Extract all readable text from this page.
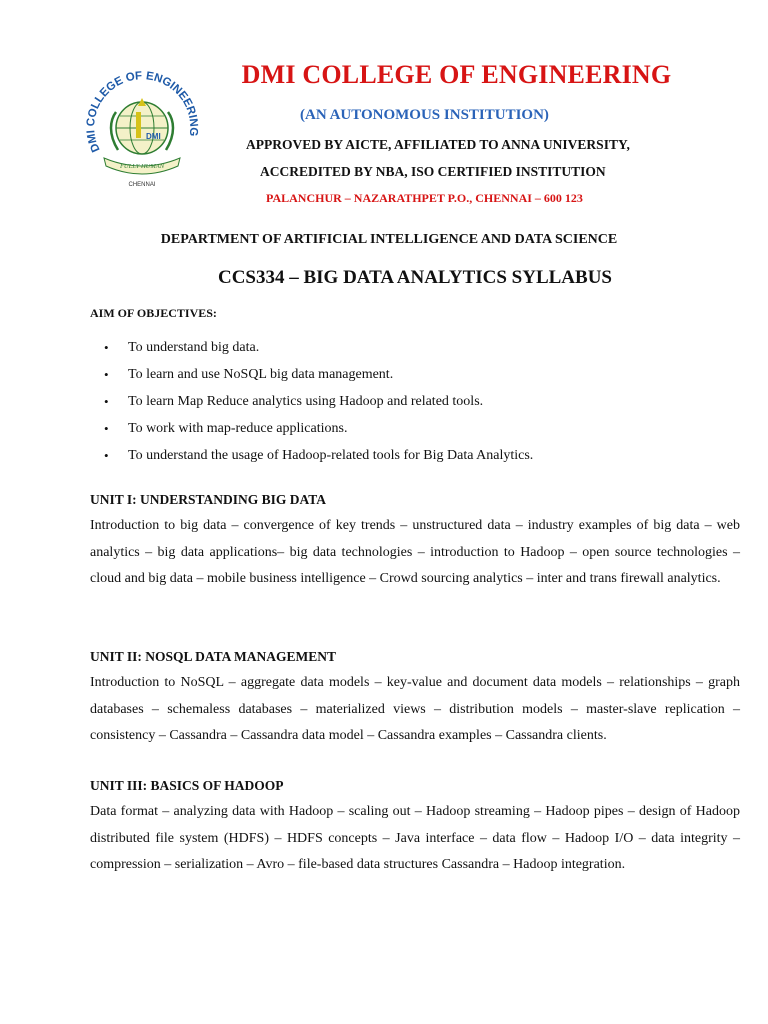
DMI COLLEGE OF ENGINEERING
DMI
FULLY HUMAN
CHENNAI
DMI COLLEGE OF ENGINEERING
(AN AUTONOMOUS INSTITUTION)
APPROVED BY AICTE, AFFILIATED TO ANNA UNIVERSITY,
ACCREDITED BY NBA, ISO CERTIFIED INSTITUTION
PALANCHUR – NAZARATHPET P.O., CHENNAI – 600 123
DEPARTMENT OF ARTIFICIAL INTELLIGENCE AND DATA SCIENCE
CCS334 – BIG DATA ANALYTICS SYLLABUS
AIM OF OBJECTIVES:
• To understand big data.
• To learn and use NoSQL big data management.
• To learn Map Reduce analytics using Hadoop and related tools.
• To work with map-reduce applications.
• To understand the usage of Hadoop-related tools for Big Data Analytics.
UNIT I: UNDERSTANDING BIG DATA

Introduction to big data – convergence of key trends – unstructured data – industry examples of big data – web analytics – big data applications– big data technologies – introduction to Hadoop – open source technologies – cloud and big data – mobile business intelligence – Crowd sourcing analytics – inter and trans firewall analytics.

UNIT II: NOSQL DATA MANAGEMENT

Introduction to NoSQL – aggregate data models – key-value and document data models – relationships – graph databases – schemaless databases – materialized views – distribution models – master-slave replication – consistency – Cassandra – Cassandra data model – Cassandra examples – Cassandra clients.

UNIT III: BASICS OF HADOOP

Data format – analyzing data with Hadoop – scaling out – Hadoop streaming – Hadoop pipes – design of Hadoop distributed file system (HDFS) – HDFS concepts – Java interface – data flow – Hadoop I/O – data integrity – compression – serialization – Avro – file-based data structures Cassandra – Hadoop integration.
